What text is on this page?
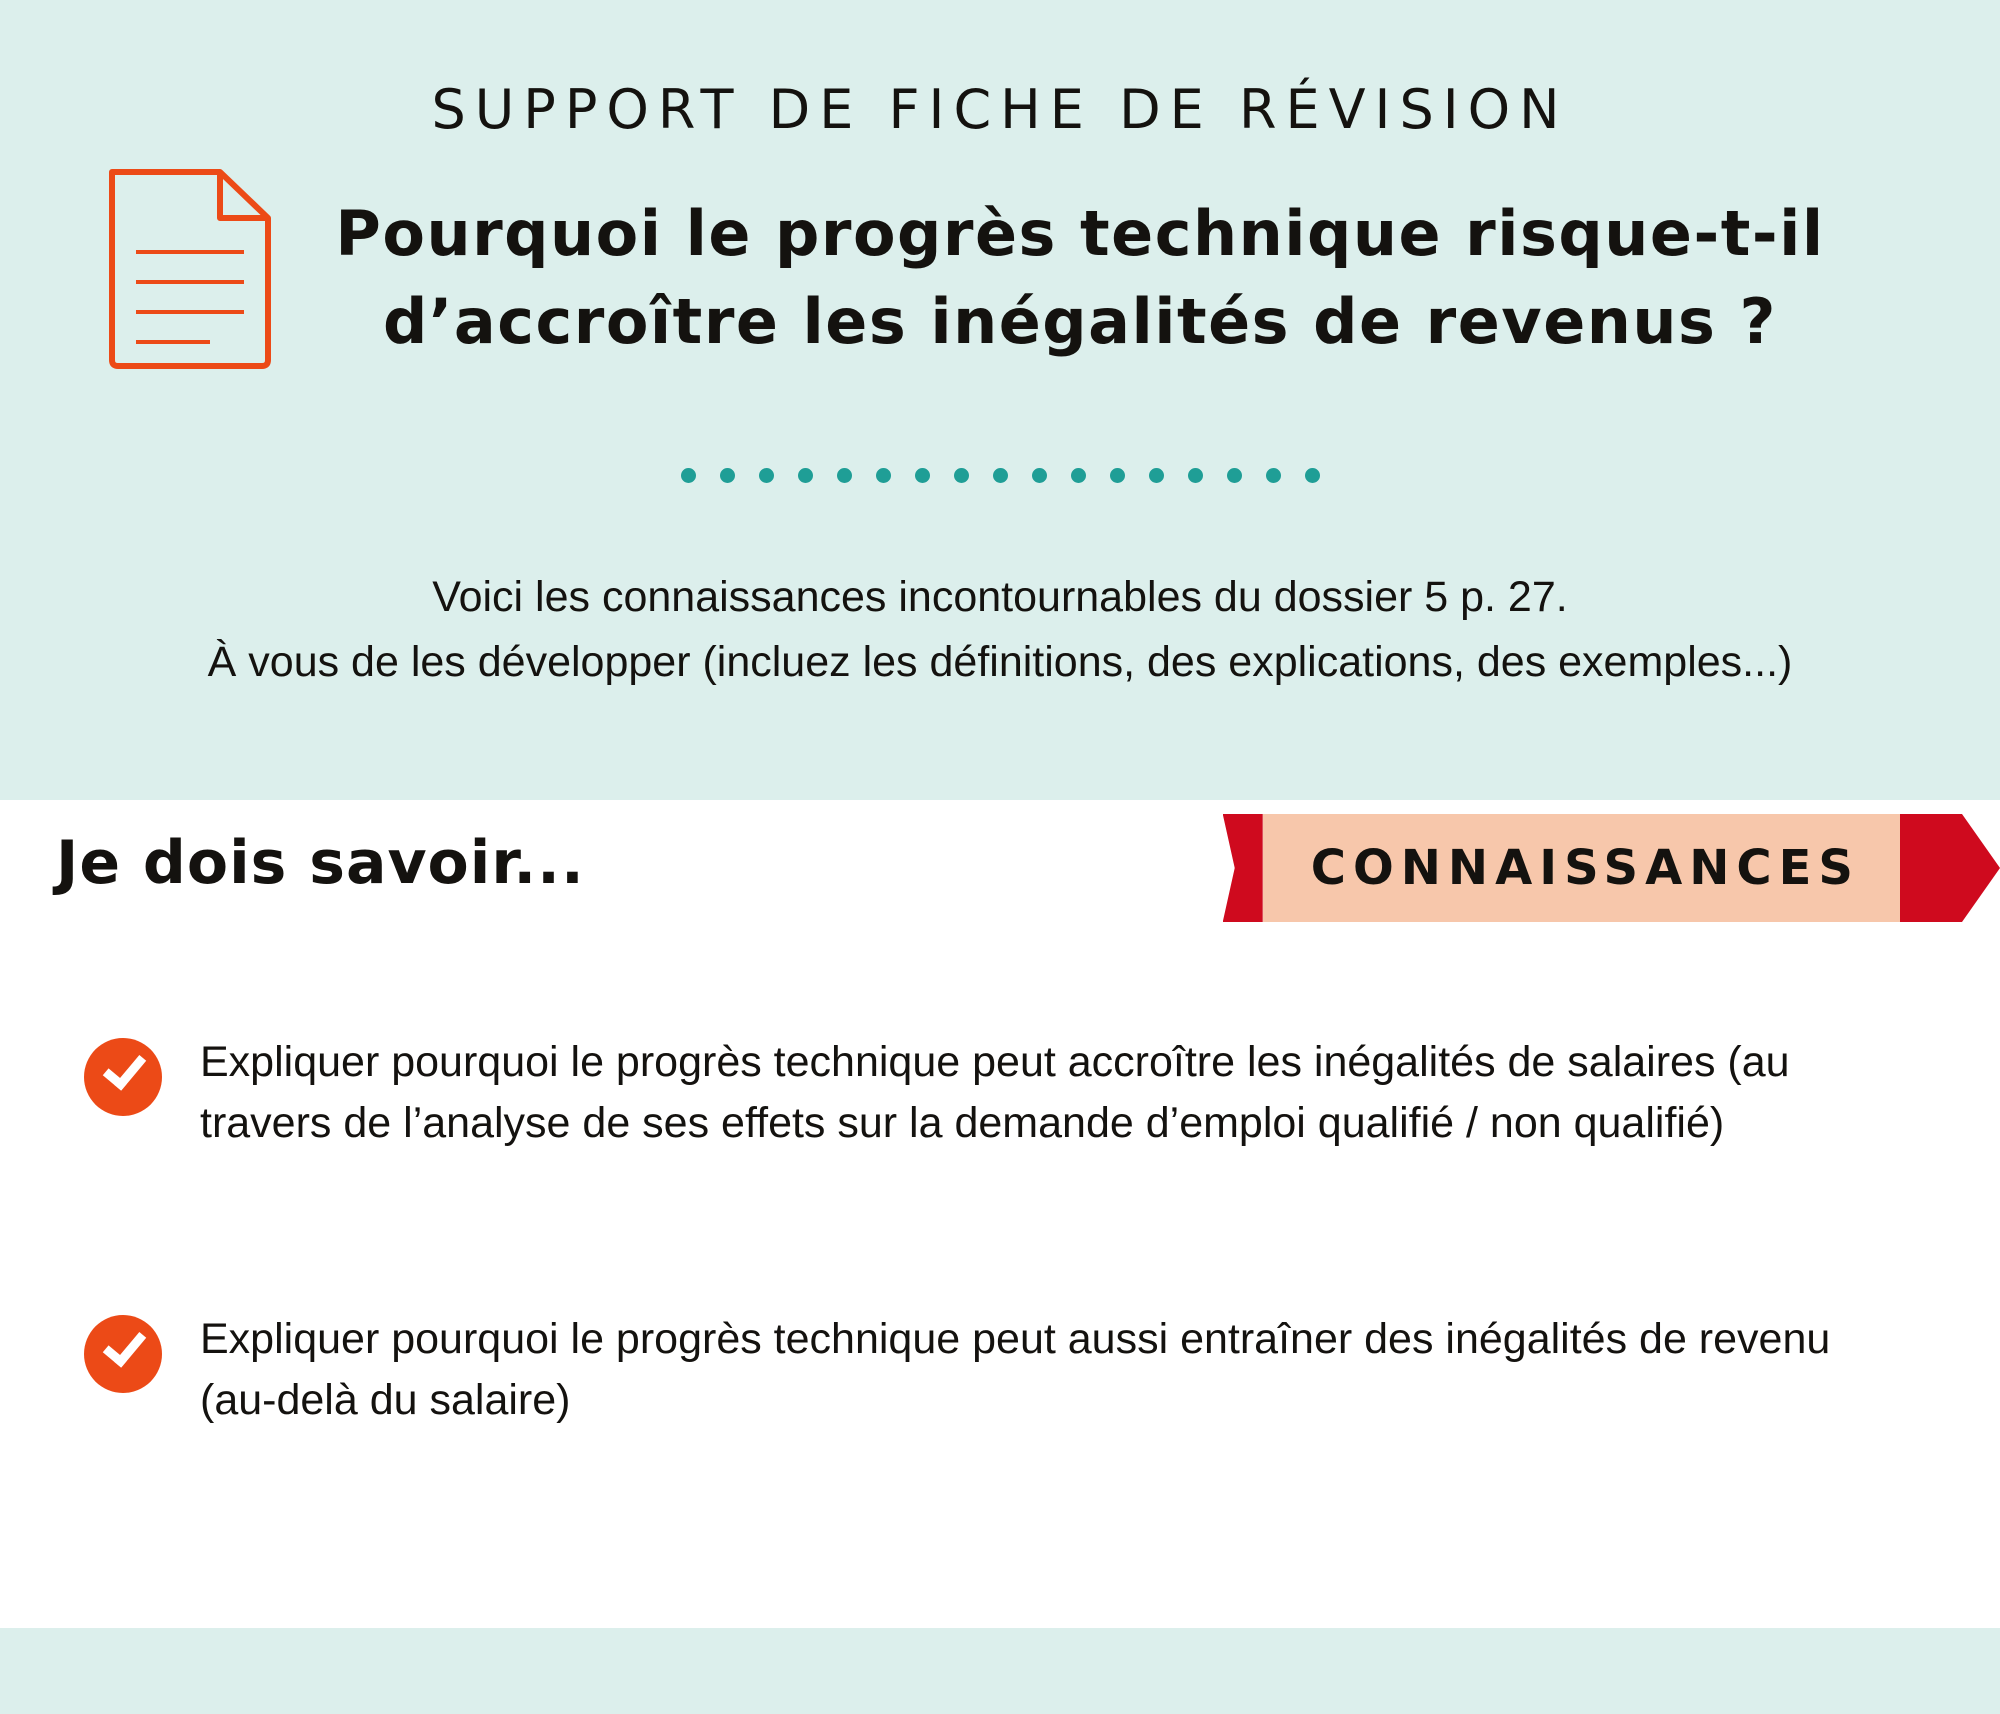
SUPPORT DE FICHE DE RÉVISION
Pourquoi le progrès technique risque-t-il
d’accroître les inégalités de revenus ?
Voici les connaissances incontournables du dossier 5 p. 27.
À vous de les développer (incluez les définitions, des explications, des exemples...)
Je dois savoir...	CONNAISSANCES
Expliquer pourquoi le progrès technique peut accroître les inégalités de salaires (au travers de l’analyse de ses effets sur la demande d’emploi qualifié / non qualifié)
Expliquer pourquoi le progrès technique peut aussi entraîner des inégalités de revenu (au-delà du salaire)
